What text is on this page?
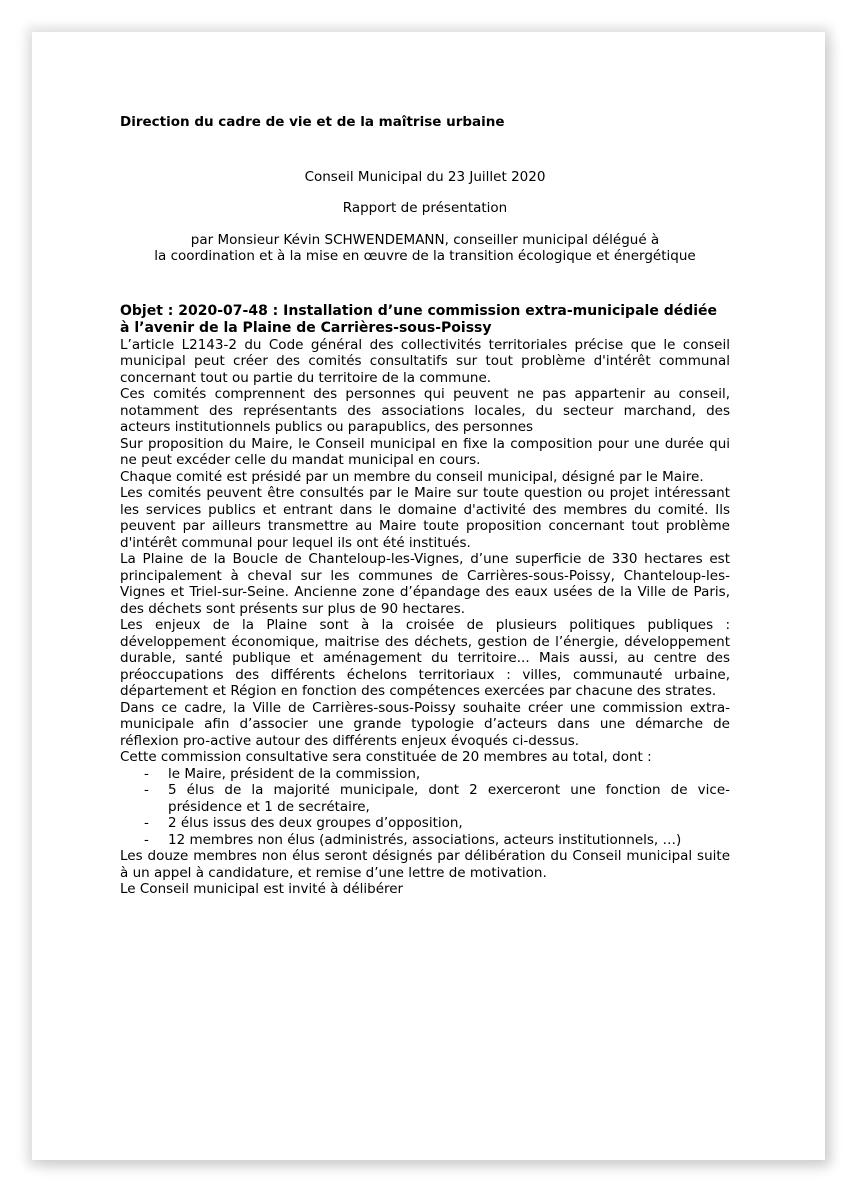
Direction du cadre de vie et de la maîtrise urbaine

Conseil Municipal du 23 Juillet 2020

Rapport de présentation

par Monsieur Kévin SCHWENDEMANN, conseiller municipal délégué à
la coordination et à la mise en œuvre de la transition écologique et énergétique

Objet : 2020-07-48 : Installation d’une commission extra-municipale dédiée à l’avenir de la Plaine de Carrières-sous-Poissy

L’article L2143-2 du Code général des collectivités territoriales précise que le conseil municipal peut créer des comités consultatifs sur tout problème d'intérêt communal concernant tout ou partie du territoire de la commune.

Ces comités comprennent des personnes qui peuvent ne pas appartenir au conseil, notamment des représentants des associations locales, du secteur marchand, des acteurs institutionnels publics ou parapublics, des personnes

Sur proposition du Maire, le Conseil municipal en fixe la composition pour une durée qui ne peut excéder celle du mandat municipal en cours.

Chaque comité est présidé par un membre du conseil municipal, désigné par le Maire.

Les comités peuvent être consultés par le Maire sur toute question ou projet intéressant les services publics et entrant dans le domaine d'activité des membres du comité. Ils peuvent par ailleurs transmettre au Maire toute proposition concernant tout problème d'intérêt communal pour lequel ils ont été institués.

La Plaine de la Boucle de Chanteloup-les-Vignes, d’une superficie de 330 hectares est principalement à cheval sur les communes de Carrières-sous-Poissy, Chanteloup-les-Vignes et Triel-sur-Seine. Ancienne zone d’épandage des eaux usées de la Ville de Paris, des déchets sont présents sur plus de 90 hectares.

Les enjeux de la Plaine sont à la croisée de plusieurs politiques publiques : développement économique, maitrise des déchets, gestion de l’énergie, développement durable, santé publique et aménagement du territoire... Mais aussi, au centre des préoccupations des différents échelons territoriaux : villes, communauté urbaine, département et Région en fonction des compétences exercées par chacune des strates.

Dans ce cadre, la Ville de Carrières-sous-Poissy souhaite créer une commission extra-municipale afin d’associer une grande typologie d’acteurs dans une démarche de réflexion pro-active autour des différents enjeux évoqués ci-dessus.

Cette commission consultative sera constituée de 20 membres au total, dont :

- le Maire, président de la commission,
- 5 élus de la majorité municipale, dont 2 exerceront une fonction de vice-présidence et 1 de secrétaire,
- 2 élus issus des deux groupes d’opposition,
- 12 membres non élus (administrés, associations, acteurs institutionnels, …)

Les douze membres non élus seront désignés par délibération du Conseil municipal suite à un appel à candidature, et remise d’une lettre de motivation.

Le Conseil municipal est invité à délibérer
